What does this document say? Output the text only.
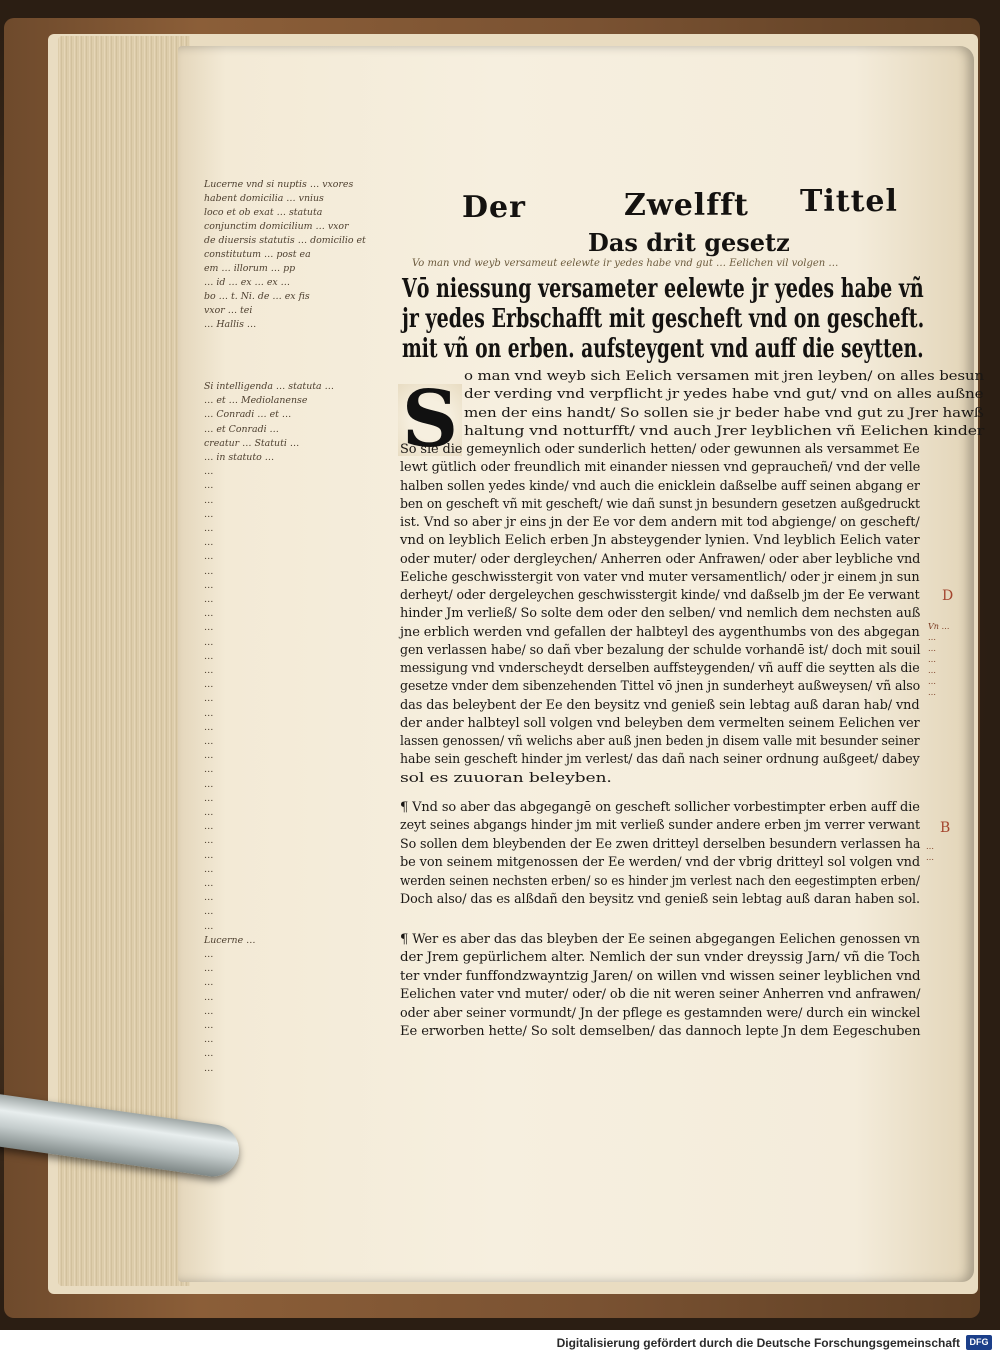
Der	Zwelfft Tittel
Das drit gesetz
Vo man vnd weyb versameut eelewte ir yedes habe vnd gut … Eelichen vil volgen …
Vō niessung versameter eelewte jr yedes habe vñ
jr yedes Erbschafft mit gescheft vnd on gescheft.
mit vñ on erben. aufsteygent vnd auff die seytten.
S o man vnd weyb sich Eelich versamen mit jren leyben/ on alles besun
der verding vnd verpflicht jr yedes habe vnd gut/ vnd on alles außne
men der eins handt/ So sollen sie jr beder habe vnd gut zu Jrer hawß
haltung vnd notturfft/ vnd auch Jrer leyblichen vñ Eelichen kinder
So sie die gemeynlich oder sunderlich hetten/ oder gewunnen als versammet Ee
lewt gütlich oder freundlich mit einander niessen vnd gepraucheñ/ vnd der velle
halben sollen yedes kinde/ vnd auch die enicklein daßselbe auff seinen abgang er
ben on gescheft vñ mit gescheft/ wie dañ sunst jn besundern gesetzen außgedruckt
ist. Vnd so aber jr eins jn der Ee vor dem andern mit tod abgienge/ on gescheft/
vnd on leyblich Eelich erben Jn absteygender lynien. Vnd leyblich Eelich vater
oder muter/ oder dergleychen/ Anherren oder Anfrawen/ oder aber leybliche vnd
Eeliche geschwisstergit von vater vnd muter versamentlich/ oder jr einem jn sun
derheyt/ oder dergeleychen geschwisstergit kinde/ vnd daßselb jm der Ee verwant
hinder Jm verließ/ So solte dem oder den selben/ vnd nemlich dem nechsten auß
jne erblich werden vnd gefallen der halbteyl des aygenthumbs von des abgegan
gen verlassen habe/ so dañ vber bezalung der schulde vorhandē ist/ doch mit souil
messigung vnd vnderscheydt derselben auffsteygenden/ vñ auff die seytten als die
gesetze vnder dem sibenzehenden Tittel vō jnen jn sunderheyt außweysen/ vñ also
das das beleybent der Ee den beysitz vnd genieß sein lebtag auß daran hab/ vnd
der ander halbteyl soll volgen vnd beleyben dem vermelten seinem Eelichen ver
lassen genossen/ vñ welichs aber auß jnen beden jn disem valle mit besunder seiner
habe sein gescheft hinder jm verlest/ das dañ nach seiner ordnung außgeet/ dabey
sol es zuuoran beleyben.
¶ Vnd so aber das abgegangē on gescheft sollicher vorbestimpter erben auff die
zeyt seines abgangs hinder jm mit verließ sunder andere erben jm verrer verwant
So sollen dem bleybenden der Ee zwen dritteyl derselben besundern verlassen ha
be von seinem mitgenossen der Ee werden/ vnd der vbrig dritteyl sol volgen vnd
werden seinen nechsten erben/ so es hinder jm verlest nach den eegestimpten erben/
Doch also/ das es alßdañ den beysitz vnd genieß sein lebtag auß daran haben sol.
¶ Wer es aber das das bleyben der Ee seinen abgegangen Eelichen genossen vn
der Jrem gepürlichem alter. Nemlich der sun vnder dreyssig Jarn/ vñ die Toch
ter vnder funffondzwayntzig Jaren/ on willen vnd wissen seiner leyblichen vnd
Eelichen vater vnd muter/ oder/ ob die nit weren seiner Anherren vnd anfrawen/
oder aber seiner vormundt/ Jn der pflege es gestamnden were/ durch ein winckel
Ee erworben hette/ So solt demselben/ das dannoch lepte Jn dem Eegeschuben
Lucerne vnd si nuptis … vxores
habent domicilia … vnius
loco et ob exat … statuta
conjunctim domicilium … vxor
de diuersis statutis … domicilio et
constitutum … post ea
em … illorum … pp
… id … ex … ex …
bo … t. Ni. de … ex fis
vxor … tei
… Hallis …
Si intelligenda … statuta …
… et … Mediolanense
… Conradi … et …
… et Conradi …
creatur … Statuti …
… in statuto …
…
…
…
…
…
…
…
…
…
…
…
…
…
…
…
…
…
…
…
…
…
…
…
…
…
…
…
…
…
…
…
…
…
Lucerne …
…
…
…
…
…
…
…
…
…
Vn …
…
…
…
…
…
…
…
…
D
B
Digitalisierung gefördert durch die Deutsche Forschungsgemeinschaft	DFG
